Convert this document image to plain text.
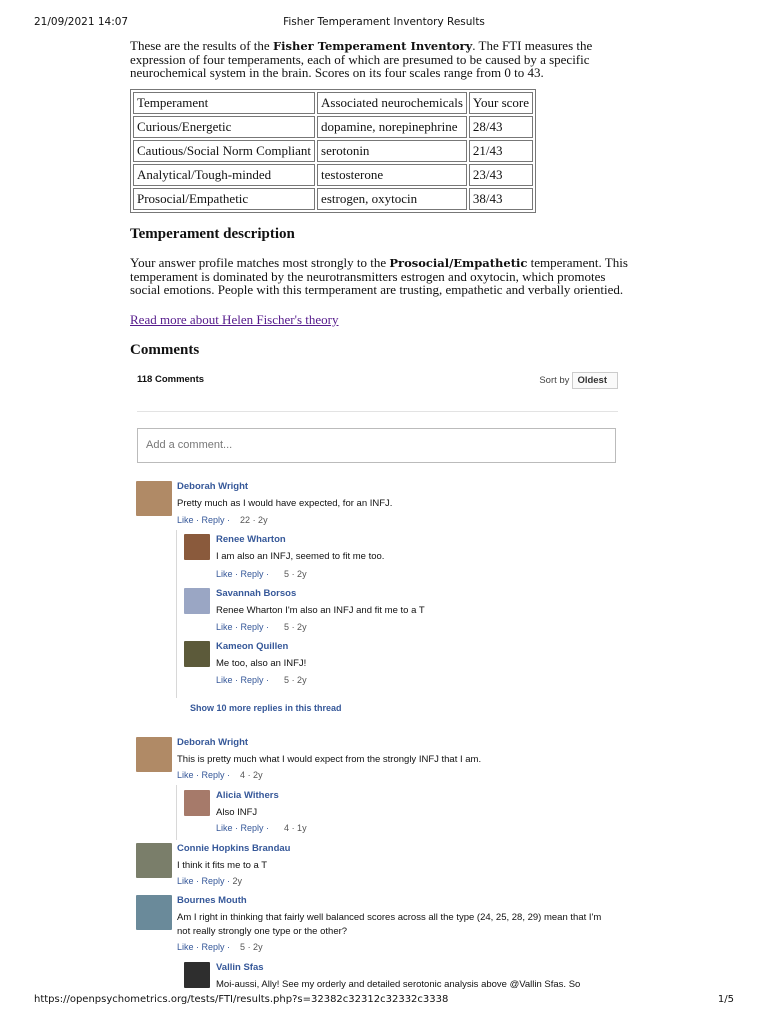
21/09/2021 14:07	Fisher Temperament Inventory Results

These are the results of the Fisher Temperament Inventory. The FTI measures the expression of four temperaments, each of which are presumed to be caused by a specific neurochemical system in the brain. Scores on its four scales range from 0 to 43.

Temperament	Associated neurochemicals	Your score
Curious/Energetic	dopamine, norepinephrine	28/43
Cautious/Social Norm Compliant	serotonin	21/43
Analytical/Tough-minded	testosterone	23/43
Prosocial/Empathetic	estrogen, oxytocin	38/43
Temperament description

Your answer profile matches most strongly to the Prosocial/Empathetic temperament. This temperament is dominated by the neurotransmitters estrogen and oxytocin, which promotes social emotions. People with this termperament are trusting, empathetic and verbally orientied.

Read more about Helen Fischer's theory
Comments
118 Comments	Sort by Oldest
Add a comment...
Deborah Wright
Pretty much as I would have expected, for an INFJ.
Like · Reply · 22 · 2y
Renee Wharton
I am also an INFJ, seemed to fit me too.
Like · Reply · 5 · 2y
Savannah Borsos
Renee Wharton I'm also an INFJ and fit me to a T
Like · Reply · 5 · 2y
Kameon Quillen
Me too, also an INFJ!
Like · Reply · 5 · 2y
Show 10 more replies in this thread
Deborah Wright
This is pretty much what I would expect from the strongly INFJ that I am.
Like · Reply · 4 · 2y
Alicia Withers
Also INFJ
Like · Reply · 4 · 1y
Connie Hopkins Brandau
I think it fits me to a T
Like · Reply · 2y
Bournes Mouth
Am I right in thinking that fairly well balanced scores across all the type (24, 25, 28, 29) mean that I'm not really strongly one type or the other?
Like · Reply · 5 · 2y
Vallin Sfas
Moi-aussi, Ally! See my orderly and detailed serotonic analysis above @Vallin Sfas. So
https://openpsychometrics.org/tests/FTI/results.php?s=32382c32312c32332c3338	1/5
